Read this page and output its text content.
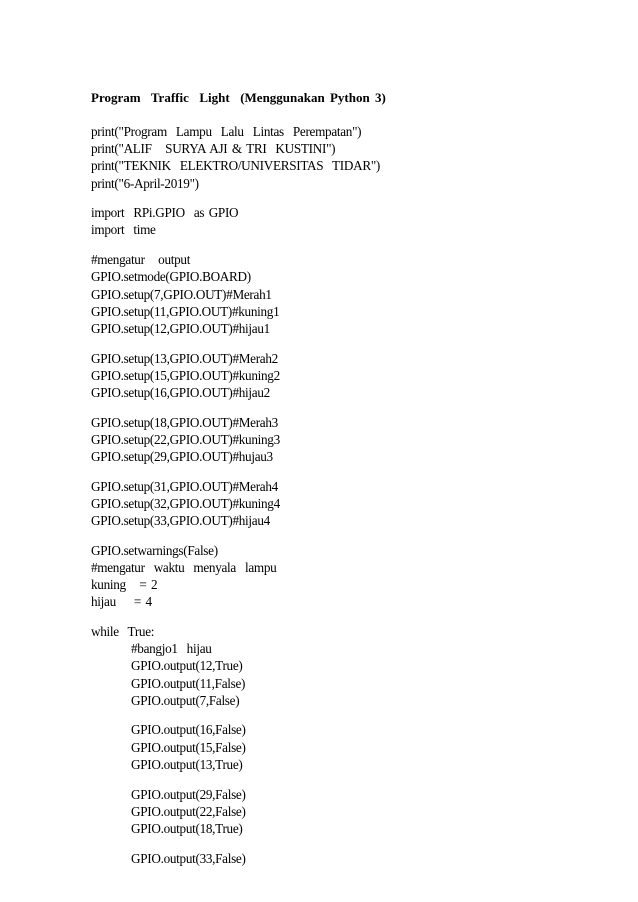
Program  Traffic  Light  (Menggunakan Python 3)
print("Program  Lampu  Lalu  Lintas  Perempatan")
print("ALIF   SURYA AJI & TRI  KUSTINI")
print("TEKNIK  ELEKTRO/UNIVERSITAS  TIDAR")
print("6-April-2019")
import  RPi.GPIO  as GPIO
import  time
#mengatur   output
GPIO.setmode(GPIO.BOARD)
GPIO.setup(7,GPIO.OUT)#Merah1
GPIO.setup(11,GPIO.OUT)#kuning1
GPIO.setup(12,GPIO.OUT)#hijau1
GPIO.setup(13,GPIO.OUT)#Merah2
GPIO.setup(15,GPIO.OUT)#kuning2
GPIO.setup(16,GPIO.OUT)#hijau2
GPIO.setup(18,GPIO.OUT)#Merah3
GPIO.setup(22,GPIO.OUT)#kuning3
GPIO.setup(29,GPIO.OUT)#hujau3
GPIO.setup(31,GPIO.OUT)#Merah4
GPIO.setup(32,GPIO.OUT)#kuning4
GPIO.setup(33,GPIO.OUT)#hijau4
GPIO.setwarnings(False)
#mengatur  waktu  menyala  lampu
kuning   = 2
hijau    = 4
while  True:
#bangjo1  hijau
GPIO.output(12,True)
GPIO.output(11,False)
GPIO.output(7,False)
GPIO.output(16,False)
GPIO.output(15,False)
GPIO.output(13,True)
GPIO.output(29,False)
GPIO.output(22,False)
GPIO.output(18,True)
GPIO.output(33,False)
